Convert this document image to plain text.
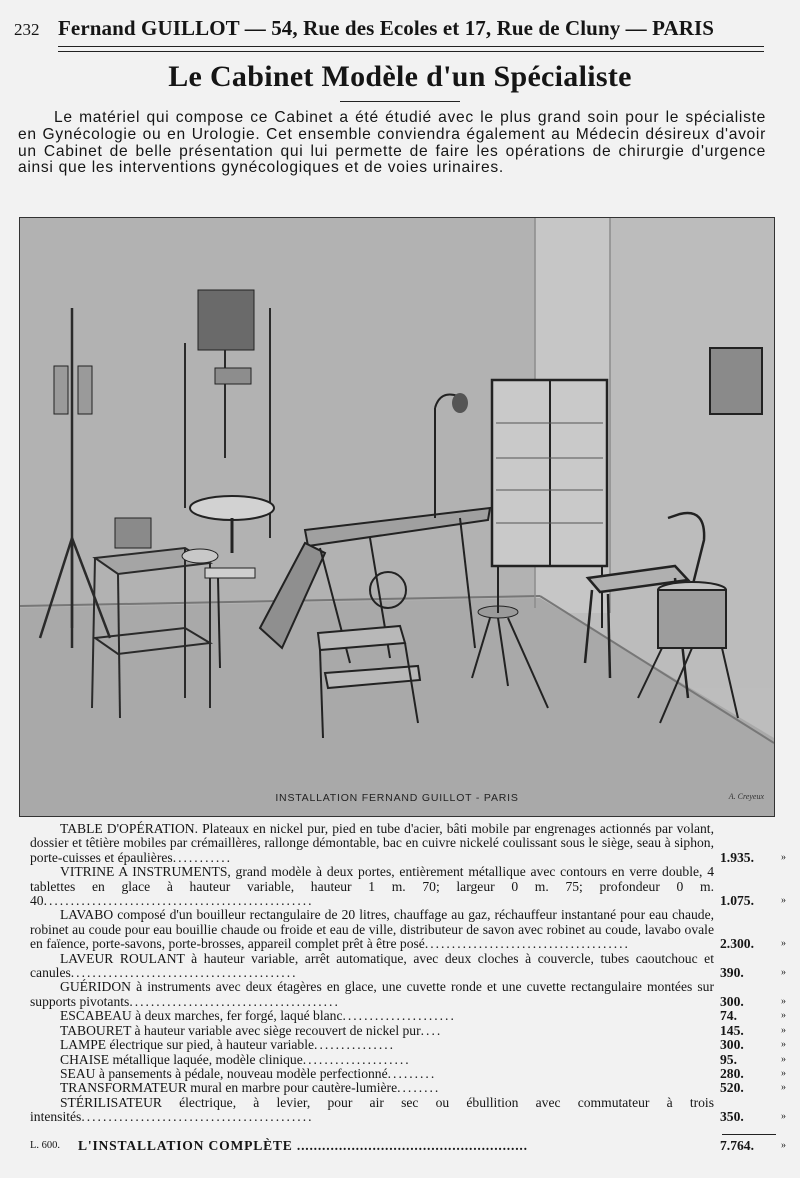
232 Fernand GUILLOT — 54, Rue des Ecoles et 17, Rue de Cluny — PARIS
Le Cabinet Modèle d'un Spécialiste

Le matériel qui compose ce Cabinet a été étudié avec le plus grand soin pour le spécialiste en Gynécologie ou en Urologie. Cet ensemble conviendra également au Médecin désireux d'avoir un Cabinet de belle présentation qui lui permette de faire les opérations de chirurgie d'urgence ainsi que les interventions gynécologiques et de voies urinaires.

INSTALLATION FERNAND GUILLOT - PARIS	A. Creyeux
TABLE D'OPÉRATION. Plateaux en nickel pur, pied en tube d'acier, bâti mobile par engrenages actionnés par volant, dossier et têtière mobiles par crémaillères, rallonge démontable, bac en cuivre nickelé coulissant sous le siège, seau à siphon, porte-cuisses et épaulières...........	1.935.	»
VITRINE A INSTRUMENTS, grand modèle à deux portes, entièrement métallique avec contours en verre double, 4 tablettes en glace à hauteur variable, hauteur 1 m. 70; largeur 0 m. 75; profondeur 0 m. 40..................................................	1.075.	»
LAVABO composé d'un bouilleur rectangulaire de 20 litres, chauffage au gaz, réchauffeur instantané pour eau chaude, robinet au coude pour eau bouillie chaude ou froide et eau de ville, distributeur de savon avec robinet au coude, lavabo ovale en faïence, porte-savons, porte-brosses, appareil complet prêt à être posé......................................	2.300.	»
LAVEUR ROULANT à hauteur variable, arrêt automatique, avec deux cloches à couvercle, tubes caoutchouc et canules..........................................	390.	»
GUÉRIDON à instruments avec deux étagères en glace, une cuvette ronde et une cuvette rectangulaire montées sur supports pivotants.......................................	300.	»
ESCABEAU à deux marches, fer forgé, laqué blanc.....................	74.	»
TABOURET à hauteur variable avec siège recouvert de nickel pur....	145.	»
LAMPE électrique sur pied, à hauteur variable...............	300.	»
CHAISE métallique laquée, modèle clinique....................	95.	»
SEAU à pansements à pédale, nouveau modèle perfectionné.........	280.	»
TRANSFORMATEUR mural en marbre pour cautère-lumière........	520.	»
STÉRILISATEUR électrique, à levier, pour air sec ou ébullition avec commutateur à trois intensités...........................................	350.	»
L. 600.	L'INSTALLATION COMPLÈTE .......................................................	7.764.	»
